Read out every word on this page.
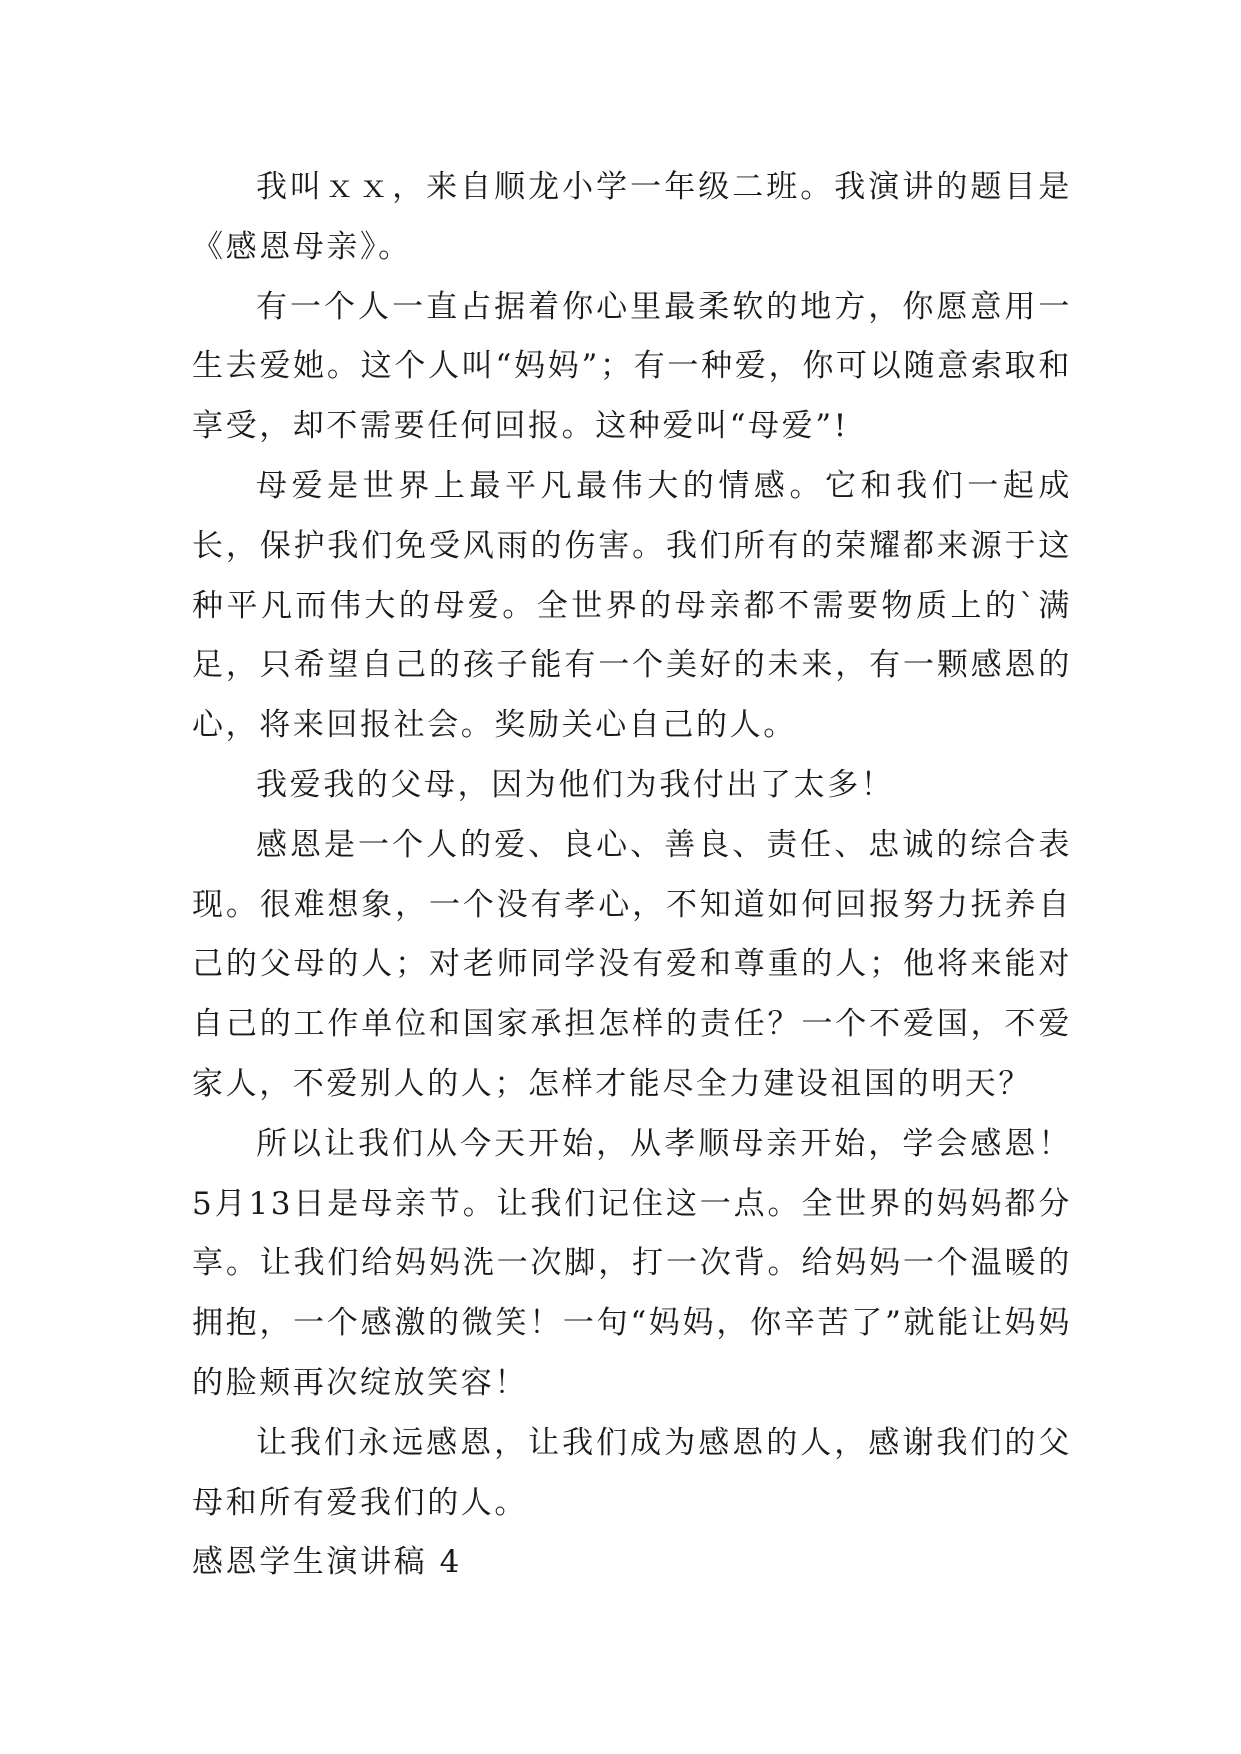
我叫ｘｘ，来自顺龙小学一年级二班。我演讲的题目是《感恩母亲》。

有一个人一直占据着你心里最柔软的地方，你愿意用一生去爱她。这个人叫“妈妈”；有一种爱，你可以随意索取和享受，却不需要任何回报。这种爱叫“母爱”!

母爱是世界上最平凡最伟大的情感。它和我们一起成长，保护我们免受风雨的伤害。我们所有的荣耀都来源于这种平凡而伟大的母爱。全世界的母亲都不需要物质上的`满足，只希望自己的孩子能有一个美好的未来，有一颗感恩的心，将来回报社会。奖励关心自己的人。

我爱我的父母，因为他们为我付出了太多！

感恩是一个人的爱、良心、善良、责任、忠诚的综合表现。很难想象，一个没有孝心，不知道如何回报努力抚养自己的父母的人；对老师同学没有爱和尊重的人；他将来能对自己的工作单位和国家承担怎样的责任？一个不爱国，不爱家人，不爱别人的人；怎样才能尽全力建设祖国的明天？

所以让我们从今天开始，从孝顺母亲开始，学会感恩！5月13日是母亲节。让我们记住这一点。全世界的妈妈都分享。让我们给妈妈洗一次脚，打一次背。给妈妈一个温暖的拥抱，一个感激的微笑！一句“妈妈，你辛苦了”就能让妈妈的脸颊再次绽放笑容！

让我们永远感恩，让我们成为感恩的人，感谢我们的父母和所有爱我们的人。

感恩学生演讲稿 4
